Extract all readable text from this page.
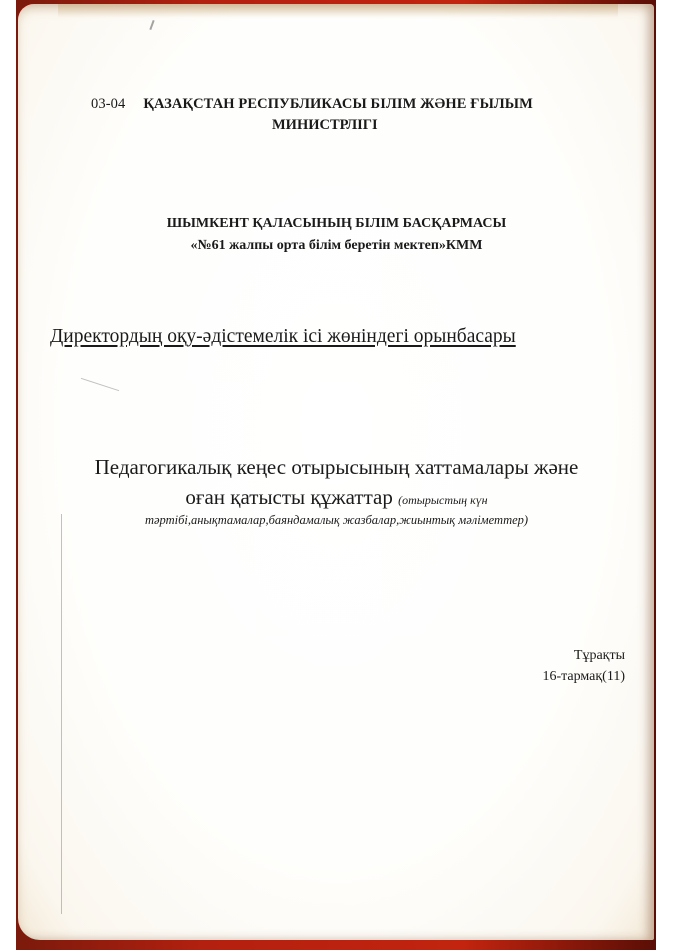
03-04 ҚАЗАҚСТАН РЕСПУБЛИКАСЫ БІЛІМ ЖӘНЕ ҒЫЛЫМ
МИНИСТРЛІГІ
ШЫМКЕНТ ҚАЛАСЫНЫҢ БІЛІМ БАСҚАРМАСЫ
«№61 жалпы орта білім беретін мектеп»КММ
Директордың оқу-әдістемелік ісі жөніндегі орынбасары
Педагогикалық кеңес отырысының хаттамалары және
оған қатысты құжаттар (отырыстың күн
тәртібі,анықтамалар,баяндамалық жазбалар,жиынтық мәліметтер)
Тұрақты
16-тармақ(11)
